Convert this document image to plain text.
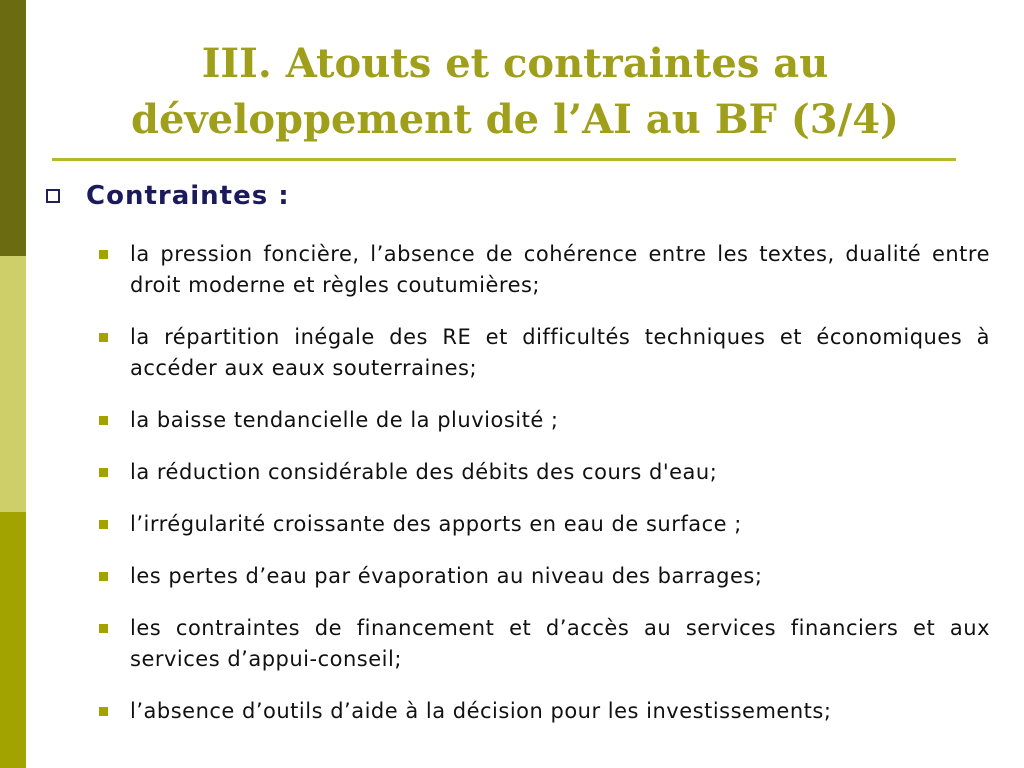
III. Atouts et contraintes au
développement de l’AI au BF (3/4)
Contraintes :
la pression foncière, l’absence de cohérence entre les textes, dualité entre droit moderne et règles coutumières;
la répartition inégale des RE et difficultés techniques et économiques à accéder aux eaux souterraines;
la baisse tendancielle de la pluviosité ;
la réduction considérable des débits des cours d'eau;
l’irrégularité croissante des apports en eau de surface ;
les pertes d’eau par évaporation au niveau des barrages;
les contraintes de financement et d’accès au services financiers et aux services d’appui-conseil;
l’absence d’outils d’aide à la décision pour les investissements;
